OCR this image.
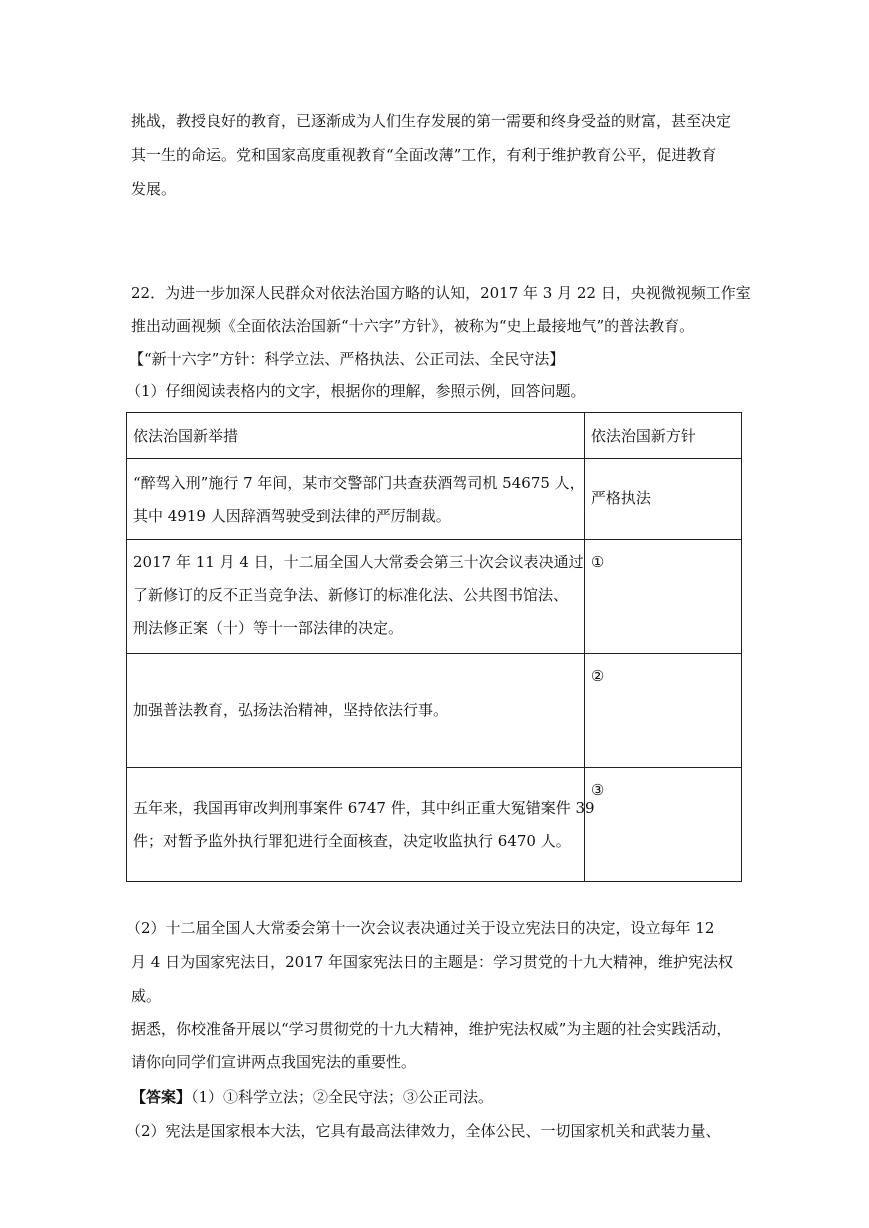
挑战，教授良好的教育，已逐渐成为人们生存发展的第一需要和终身受益的财富，甚至决定
其一生的命运。党和国家高度重视教育“全面改薄”工作，有利于维护教育公平，促进教育
发展。
22．为进一步加深人民群众对依法治国方略的认知，2017 年 3 月 22 日，央视微视频工作室
推出动画视频《全面依法治国新“十六字”方针》，被称为“史上最接地气”的普法教育。
【“新十六字”方针：科学立法、严格执法、公正司法、全民守法】
（1）仔细阅读表格内的文字，根据你的理解，参照示例，回答问题。
依法治国新举措	依法治国新方针

“醉驾入刑”施行 7 年间，某市交警部门共查获酒驾司机 54675 人，
其中 4919 人因辞酒驾驶受到法律的严厉制裁。	严格执法

2017 年 11 月 4 日，十二届全国人大常委会第三十次会议表决通过
了新修订的反不正当竞争法、新修订的标准化法、公共图书馆法、
刑法修正案（十）等十一部法律的决定。	①

加强普法教育，弘扬法治精神，坚持依法行事。	②

五年来，我国再审改判刑事案件 6747 件，其中纠正重大冤错案件 39
件；对暂予监外执行罪犯进行全面核查，决定收监执行 6470 人。	③
（2）十二届全国人大常委会第十一次会议表决通过关于设立宪法日的决定，设立每年 12
月 4 日为国家宪法日，2017 年国家宪法日的主题是：学习贯党的十九大精神，维护宪法权
威。
据悉，你校准备开展以“学习贯彻党的十九大精神，维护宪法权威”为主题的社会实践活动，
请你向同学们宣讲两点我国宪法的重要性。
【答案】（1）①科学立法；②全民守法；③公正司法。
（2）宪法是国家根本大法，它具有最高法律效力，全体公民、一切国家机关和武装力量、
